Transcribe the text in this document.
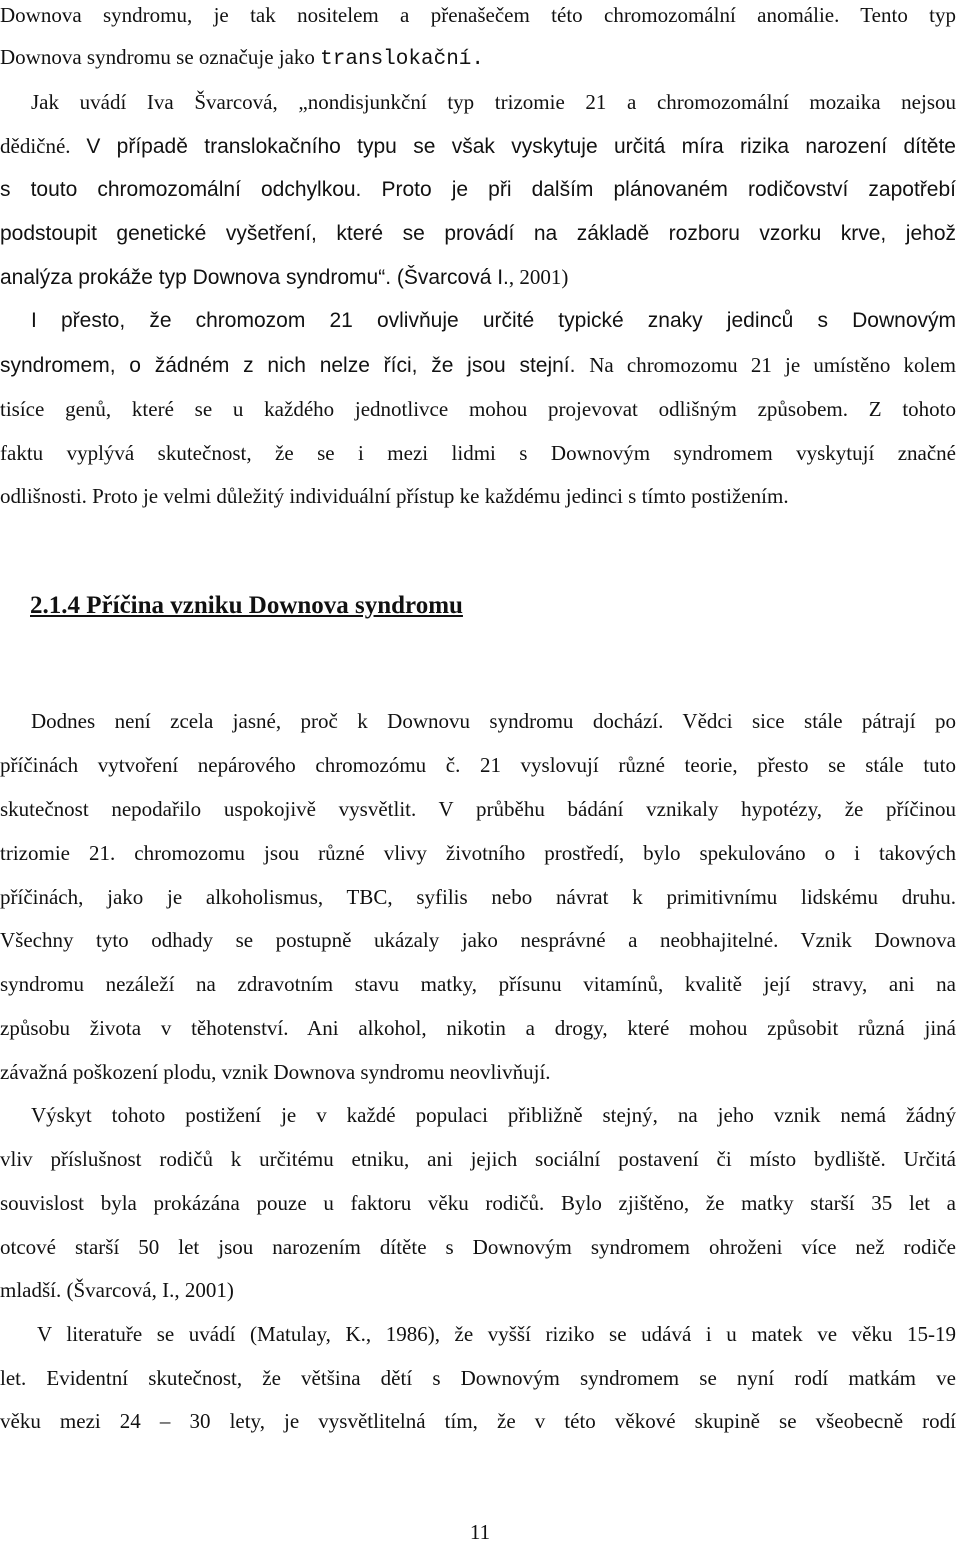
Downova syndromu, je tak nositelem a přenašečem této chromozomální anomálie. Tento typ
Downova syndromu se označuje jako translokační.
Jak uvádí Iva Švarcová, „nondisjunkční typ trizomie 21 a chromozomální mozaika nejsou
dědičné. V případě translokačního typu se však vyskytuje určitá míra rizika narození dítěte
s touto chromozomální odchylkou. Proto je při dalším plánovaném rodičovství zapotřebí
podstoupit genetické vyšetření, které se provádí na základě rozboru vzorku krve, jehož
analýza prokáže typ Downova syndromu“. (Švarcová I., 2001)
I přesto, že chromozom 21 ovlivňuje určité typické znaky jedinců s Downovým
syndromem, o žádném z nich nelze říci, že jsou stejní. Na chromozomu 21 je umístěno kolem
tisíce genů, které se u každého jednotlivce mohou projevovat odlišným způsobem. Z tohoto
faktu vyplývá skutečnost, že se i mezi lidmi s Downovým syndromem vyskytují značné
odlišnosti. Proto je velmi důležitý individuální přístup ke každému jedinci s tímto postižením.
2.1.4 Příčina vzniku Downova syndromu
Dodnes není zcela jasné, proč k Downovu syndromu dochází. Vědci sice stále pátrají po
příčinách vytvoření nepárového chromozómu č. 21 vyslovují různé teorie, přesto se stále tuto
skutečnost nepodařilo uspokojivě vysvětlit. V průběhu bádání vznikaly hypotézy, že příčinou
trizomie 21. chromozomu jsou různé vlivy životního prostředí, bylo spekulováno o i takových
příčinách, jako je alkoholismus, TBC, syfilis nebo návrat k primitivnímu lidskému druhu.
Všechny tyto odhady se postupně ukázaly jako nesprávné a neobhajitelné. Vznik Downova
syndromu nezáleží na zdravotním stavu matky, přísunu vitamínů, kvalitě její stravy, ani na
způsobu života v těhotenství. Ani alkohol, nikotin a drogy, které mohou způsobit různá jiná
závažná poškození plodu, vznik Downova syndromu neovlivňují.
Výskyt tohoto postižení je v každé populaci přibližně stejný, na jeho vznik nemá žádný
vliv příslušnost rodičů k určitému etniku, ani jejich sociální postavení či místo bydliště. Určitá
souvislost byla prokázána pouze u faktoru věku rodičů. Bylo zjištěno, že matky starší 35 let a
otcové starší 50 let jsou narozením dítěte s Downovým syndromem ohroženi více než rodiče
mladší. (Švarcová, I., 2001)
V literatuře se uvádí (Matulay, K., 1986), že vyšší riziko se udává i u matek ve věku 15-19
let. Evidentní skutečnost, že většina dětí s Downovým syndromem se nyní rodí matkám ve
věku mezi 24 – 30 lety, je vysvětlitelná tím, že v této věkové skupině se všeobecně rodí
11
